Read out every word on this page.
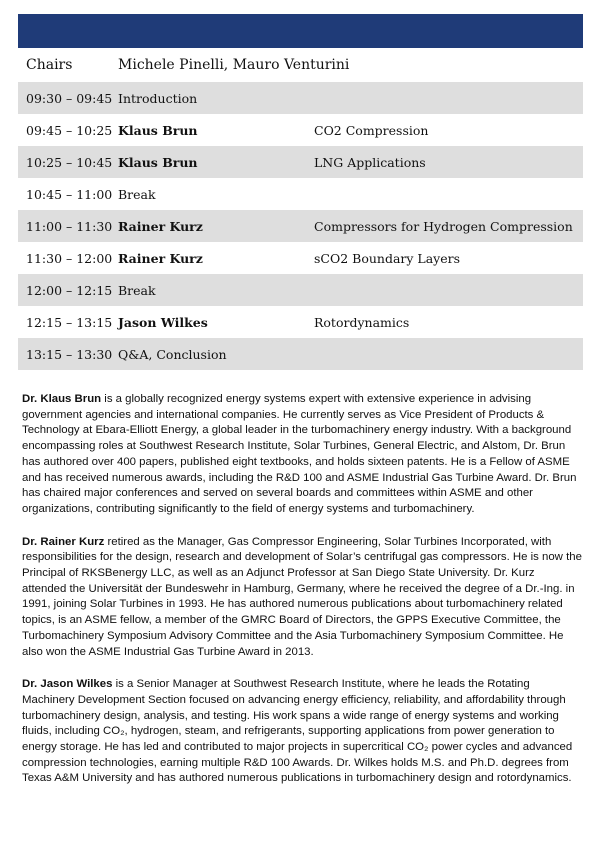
Chairs	Michele Pinelli, Mauro Venturini
09:30 – 09:45 Introduction
09:45 – 10:25 Klaus Brun	CO2 Compression
10:25 – 10:45 Klaus Brun	LNG Applications
10:45 – 11:00 Break
11:00 – 11:30 Rainer Kurz	Compressors for Hydrogen Compression
11:30 – 12:00 Rainer Kurz	sCO2 Boundary Layers
12:00 – 12:15 Break
12:15 – 13:15 Jason Wilkes	Rotordynamics
13:15 – 13:30 Q&A, Conclusion

Dr. Klaus Brun is a globally recognized energy systems expert with extensive experience in advising government agencies and international companies. He currently serves as Vice President of Products & Technology at Ebara-Elliott Energy, a global leader in the turbomachinery energy industry. With a background encompassing roles at Southwest Research Institute, Solar Turbines, General Electric, and Alstom, Dr. Brun has authored over 400 papers, published eight textbooks, and holds sixteen patents. He is a Fellow of ASME and has received numerous awards, including the R&D 100 and ASME Industrial Gas Turbine Award. Dr. Brun has chaired major conferences and served on several boards and committees within ASME and other organizations, contributing significantly to the field of energy systems and turbomachinery.

Dr. Rainer Kurz retired as the Manager, Gas Compressor Engineering, Solar Turbines Incorporated, with responsibilities for the design, research and development of Solar’s centrifugal gas compressors. He is now the Principal of RKSBenergy LLC, as well as an Adjunct Professor at San Diego State University. Dr. Kurz attended the Universität der Bundeswehr in Hamburg, Germany, where he received the degree of a Dr.-Ing. in 1991, joining Solar Turbines in 1993. He has authored numerous publications about turbomachinery related topics, is an ASME fellow, a member of the GMRC Board of Directors, the GPPS Executive Committee, the Turbomachinery Symposium Advisory Committee and the Asia Turbomachinery Symposium Committee. He also won the ASME Industrial Gas Turbine Award in 2013.

Dr. Jason Wilkes is a Senior Manager at Southwest Research Institute, where he leads the Rotating Machinery Development Section focused on advancing energy efficiency, reliability, and affordability through turbomachinery design, analysis, and testing. His work spans a wide range of energy systems and working fluids, including CO₂, hydrogen, steam, and refrigerants, supporting applications from power generation to energy storage. He has led and contributed to major projects in supercritical CO₂ power cycles and advanced compression technologies, earning multiple R&D 100 Awards. Dr. Wilkes holds M.S. and Ph.D. degrees from Texas A&M University and has authored numerous publications in turbomachinery design and rotordynamics.
